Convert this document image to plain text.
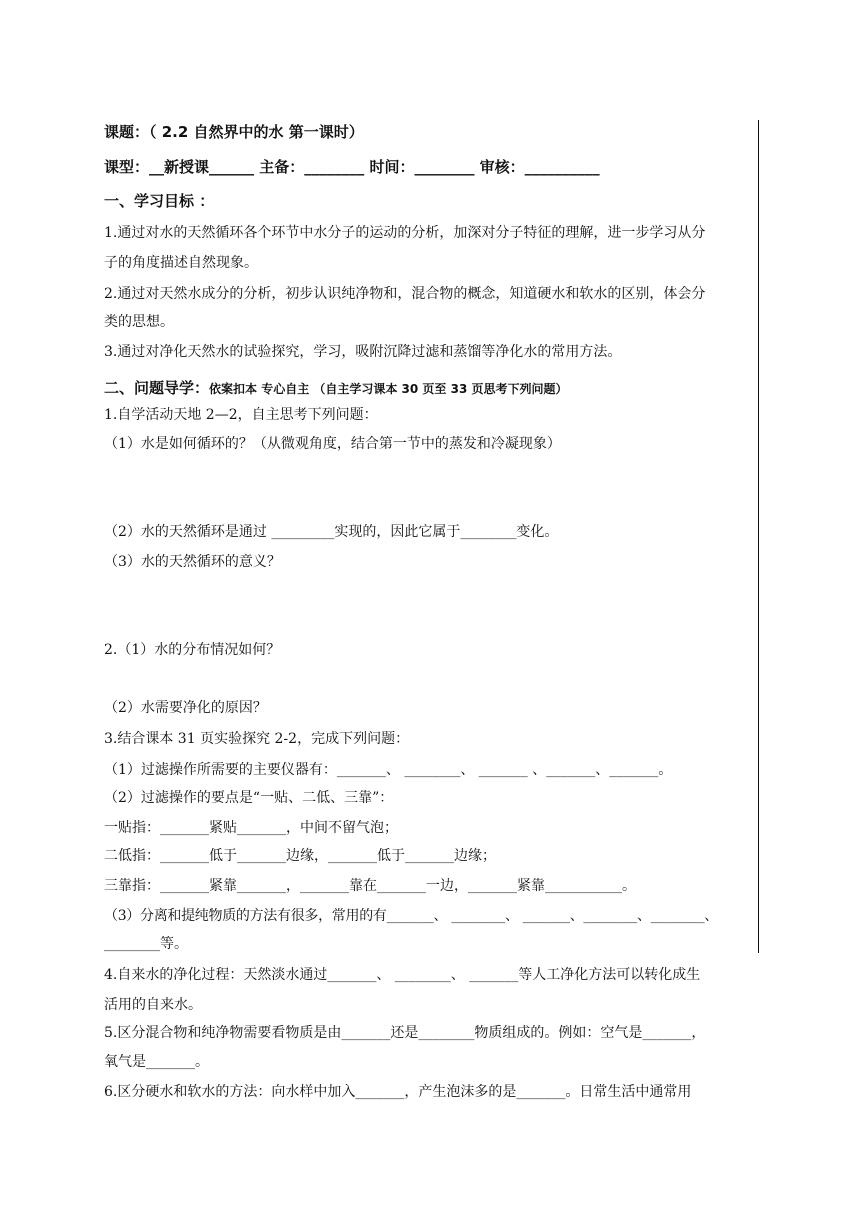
课题：（ 2.2 自然界中的水 第一课时）
课型：__新授课______ 主备：________ 时间：________ 审核：__________
一、学习目标 ：
1.通过对水的天然循环各个环节中水分子的运动的分析，加深对分子特征的理解，进一步学习从分
子的角度描述自然现象。
2.通过对天然水成分的分析，初步认识纯净物和，混合物的概念，知道硬水和软水的区别，体会分
类的思想。
3.通过对净化天然水的试验探究，学习，吸附沉降过滤和蒸馏等净化水的常用方法。
二、问题导学：依案扣本 专心自主 （自主学习课本 30 页至 33 页思考下列问题）
1.自学活动天地 2—2，自主思考下列问题：
（1）水是如何循环的？（从微观角度，结合第一节中的蒸发和冷凝现象）
（2）水的天然循环是通过 _________实现的，因此它属于________变化。
（3）水的天然循环的意义？
2.（1）水的分布情况如何？
（2）水需要净化的原因？
3.结合课本 31 页实验探究 2-2，完成下列问题：
（1）过滤操作所需要的主要仪器有：_______、 ________、 _______ 、_______、_______。
（2）过滤操作的要点是“一贴、二低、三靠”：
一贴指：_______紧贴_______，中间不留气泡；
二低指：_______低于_______边缘，_______低于_______边缘；
三靠指：_______紧靠_______，_______靠在_______一边，_______紧靠___________。
（3）分离和提纯物质的方法有很多，常用的有_______、 ________、 _______、________、________、
________等。
4.自来水的净化过程：天然淡水通过_______、 ________、 _______等人工净化方法可以转化成生
活用的自来水。
5.区分混合物和纯净物需要看物质是由_______还是________物质组成的。例如：空气是_______，
氧气是_______。
6.区分硬水和软水的方法：向水样中加入_______，产生泡沫多的是_______。日常生活中通常用
